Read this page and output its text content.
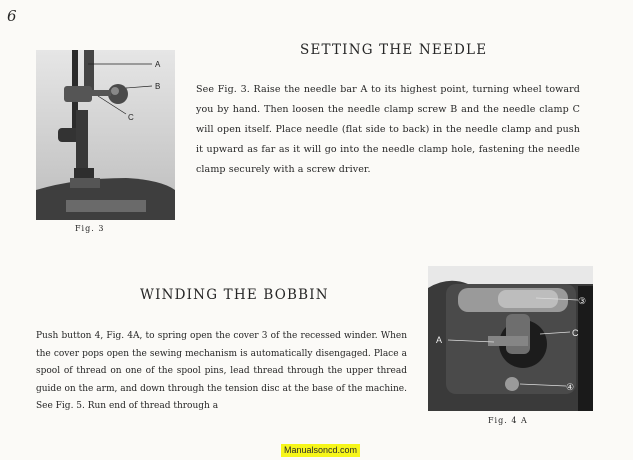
6
A
B
C
Fig. 3
SETTING THE NEEDLE
See Fig. 3. Raise the needle bar A to its highest point, turning wheel toward you by hand. Then loosen the needle clamp screw B and the needle clamp C will open itself. Place needle (flat side to back) in the needle clamp and push it upward as far as it will go into the needle clamp hole, fastening the needle clamp securely with a screw driver.
WINDING THE BOBBIN
Push button 4, Fig. 4A, to spring open the cover 3 of the recessed winder. When the cover pops open the sewing mechanism is automatically disengaged. Place a spool of thread on one of the spool pins, lead thread through the upper thread guide on the arm, and down through the tension disc at the base of the machine. See Fig. 5. Run end of thread through a
A
③
C
④
Fig. 4 A
Manualsoncd.com
